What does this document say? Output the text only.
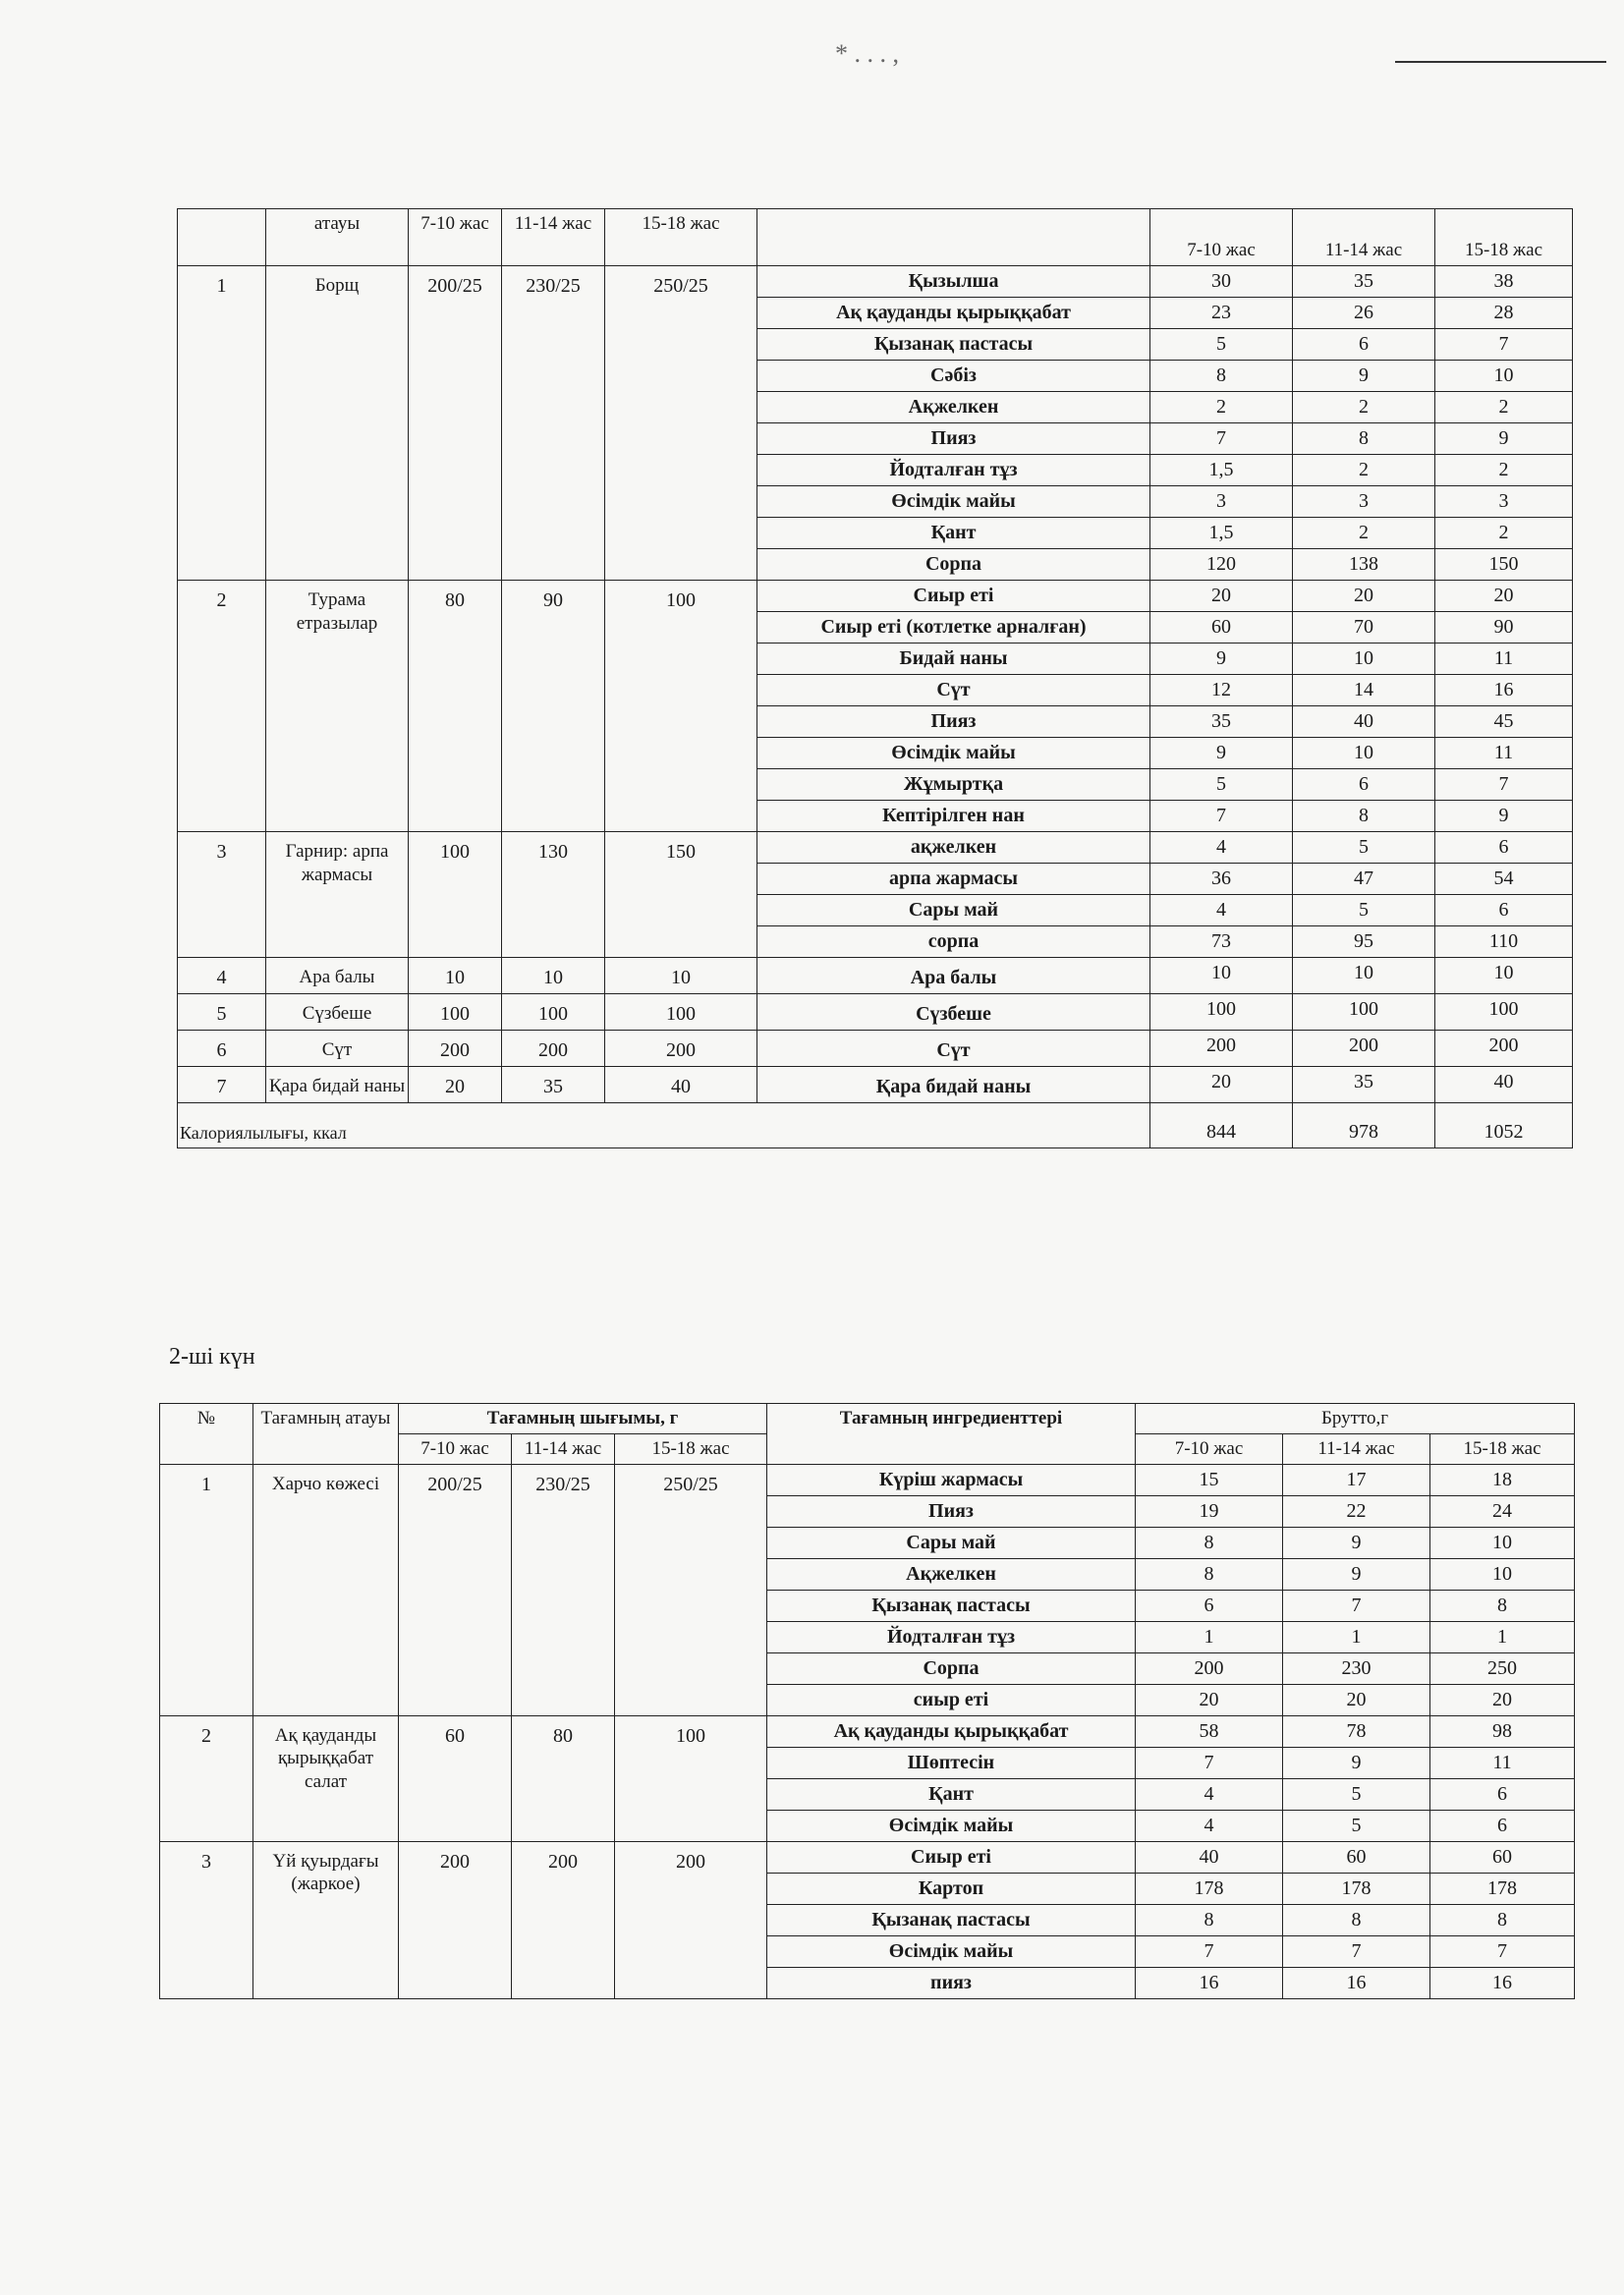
* . . . ,
	атауы	7-10 жас	11-14 жас	15-18 жас		7-10 жас	11-14 жас	15-18 жас
1	Борщ	200/25	230/25	250/25	Қызылша	30	35	38
					Ақ қауданды қырыққабат	23	26	28
					Қызанақ пастасы	5	6	7
					Сәбіз	8	9	10
					Ақжелкен	2	2	2
					Пияз	7	8	9
					Йодталған тұз	1,5	2	2
					Өсімдік майы	3	3	3
					Қант	1,5	2	2
					Сорпа	120	138	150
2	Турама етразылар	80	90	100	Сиыр еті	20	20	20
					Сиыр еті (котлетке арналған)	60	70	90
					Бидай наны	9	10	11
					Сүт	12	14	16
					Пияз	35	40	45
					Өсімдік майы	9	10	11
					Жұмыртқа	5	6	7
					Кептірілген нан	7	8	9
3	Гарнир: арпа жармасы	100	130	150	ақжелкен	4	5	6
					арпа жармасы	36	47	54
					Сары май	4	5	6
					сорпа	73	95	110
4	Ара балы	10	10	10	Ара балы	10	10	10
5	Сүзбеше	100	100	100	Сүзбеше	100	100	100
6	Сүт	200	200	200	Сүт	200	200	200
7	Қара бидай наны	20	35	40	Қара бидай наны	20	35	40
Калориялылығы, ккал						844	978	1052
2-ші күн
№	Тағамның атауы	Тағамның шығымы, г			Тағамның ингредиенттері	Брутто,г		
		7-10 жас	11-14 жас	15-18 жас		7-10 жас	11-14 жас	15-18 жас
1	Харчо көжесі	200/25	230/25	250/25	Күріш жармасы	15	17	18
					Пияз	19	22	24
					Сары май	8	9	10
					Ақжелкен	8	9	10
					Қызанақ пастасы	6	7	8
					Йодталған тұз	1	1	1
					Сорпа	200	230	250
					сиыр еті	20	20	20
2	Ақ қауданды қырыққабат салат	60	80	100	Ақ қауданды қырыққабат	58	78	98
					Шөптесін	7	9	11
					Қант	4	5	6
					Өсімдік майы	4	5	6
3	Үй қуырдағы (жаркое)	200	200	200	Сиыр еті	40	60	60
					Картоп	178	178	178
					Қызанақ пастасы	8	8	8
					Өсімдік майы	7	7	7
					пияз	16	16	16
